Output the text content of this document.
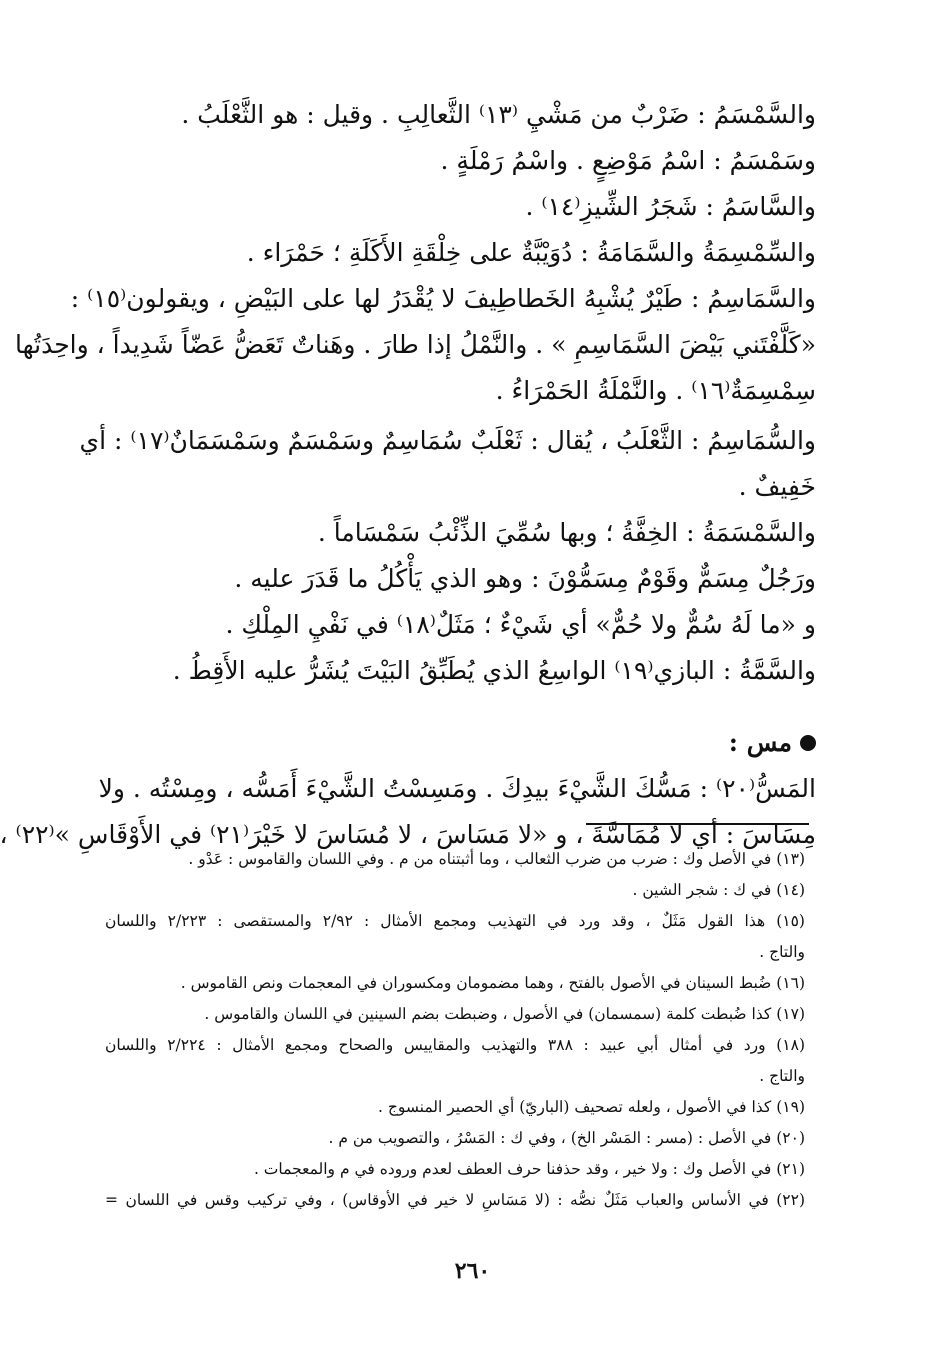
والسَّمْسَمُ : ضَرْبٌ من مَشْيِ ⁽١٣⁾ الثَّعالِبِ . وقيل : هو الثَّعْلَبُ .
وسَمْسَمُ : اسْمُ مَوْضِعٍ . واسْمُ رَمْلَةٍ .
والسَّاسَمُ : شَجَرُ الشِّيزِ⁽١٤⁾ .
والسِّمْسِمَةُ والسَّمَامَةُ : دُوَيْبَّةٌ على خِلْقَةِ الأَكَلَةِ ؛ حَمْرَاء .
والسَّمَاسِمُ : طَيْرٌ يُشْبِهُ الخَطاطِيفَ لا يُقْدَرُ لها على البَيْضِ ، ويقولون⁽١٥⁾ :
«كَلَّفْتَني بَيْضَ السَّمَاسِمِ » . والنَّمْلُ إذا طارَ . وهَناتٌ تَعَضُّ عَضّاً شَدِيداً ، واحِدَتُها
سِمْسِمَةٌ⁽١٦⁾ . والنَّمْلَةُ الحَمْرَاءُ .
والسُّمَاسِمُ : الثَّعْلَبُ ، يُقال : ثَعْلَبٌ سُمَاسِمٌ وسَمْسَمٌ وسَمْسَمَانٌ⁽١٧⁾ : أي
خَفِيفٌ .
والسَّمْسَمَةُ : الخِفَّةُ ؛ وبها سُمِّيَ الذِّئْبُ سَمْسَاماً .
ورَجُلٌ مِسَمٌّ وقَوْمٌ مِسَمُّوْنَ : وهو الذي يَأْكُلُ ما قَدَرَ عليه .
و «ما لَهُ سُمٌّ ولا حُمٌّ» أي شَيْءٌ ؛ مَثَلٌ⁽١٨⁾ في نَفْيِ المِلْكِ .
والسَّمَّةُ : البازي⁽١٩⁾ الواسِعُ الذي يُطَبِّقُ البَيْتَ يُشَرُّ عليه الأَقِطُ .
مس :
المَسُّ⁽٢٠⁾ : مَسُّكَ الشَّيْءَ بيدِكَ . ومَسِسْتُ الشَّيْءَ أَمَسُّه ، ومِسْتُه . ولا
مِسَاسَ : أي لا مُمَاسَّةَ ، و «لا مَسَاسَ ، لا مُسَاسَ لا خَيْرَ⁽٢١⁾ في الأَوْقَاسِ »⁽٢٢⁾ ،
(١٣) في الأصل وك : ضرب من ضرب الثعالب ، وما أثبتناه من م . وفي اللسان والقاموس : عَدْو .
(١٤) في ك : شجر الشين .
(١٥) هذا القول مَثَلٌ ، وقد ورد في التهذيب ومجمع الأمثال : ٢/٩٢ والمستقصى : ٢/٢٢٣ واللسان
والتاج .
(١٦) ضُبط السينان في الأصول بالفتح ، وهما مضمومان ومكسوران في المعجمات ونص القاموس .
(١٧) كذا ضُبطت كلمة (سمسمان) في الأصول ، وضبطت بضم السينين في اللسان والقاموس .
(١٨) ورد في أمثال أبي عبيد : ٣٨٨ والتهذيب والمقاييس والصحاح ومجمع الأمثال : ٢/٢٢٤ واللسان
والتاج .
(١٩) كذا في الأصول ، ولعله تصحيف (الباريّ) أي الحصير المنسوج .
(٢٠) في الأصل : (مسر : المَسْر الخ) ، وفي ك : المَسْرُ ، والتصويب من م .
(٢١) في الأصل وك : ولا خير ، وقد حذفنا حرف العطف لعدم وروده في م والمعجمات .
(٢٢) في الأساس والعباب مَثَلٌ نصُّه : (لا مَسَاسِ لا خير في الأوقاس) ، وفي تركيب وقس في اللسان =
٢٦٠
